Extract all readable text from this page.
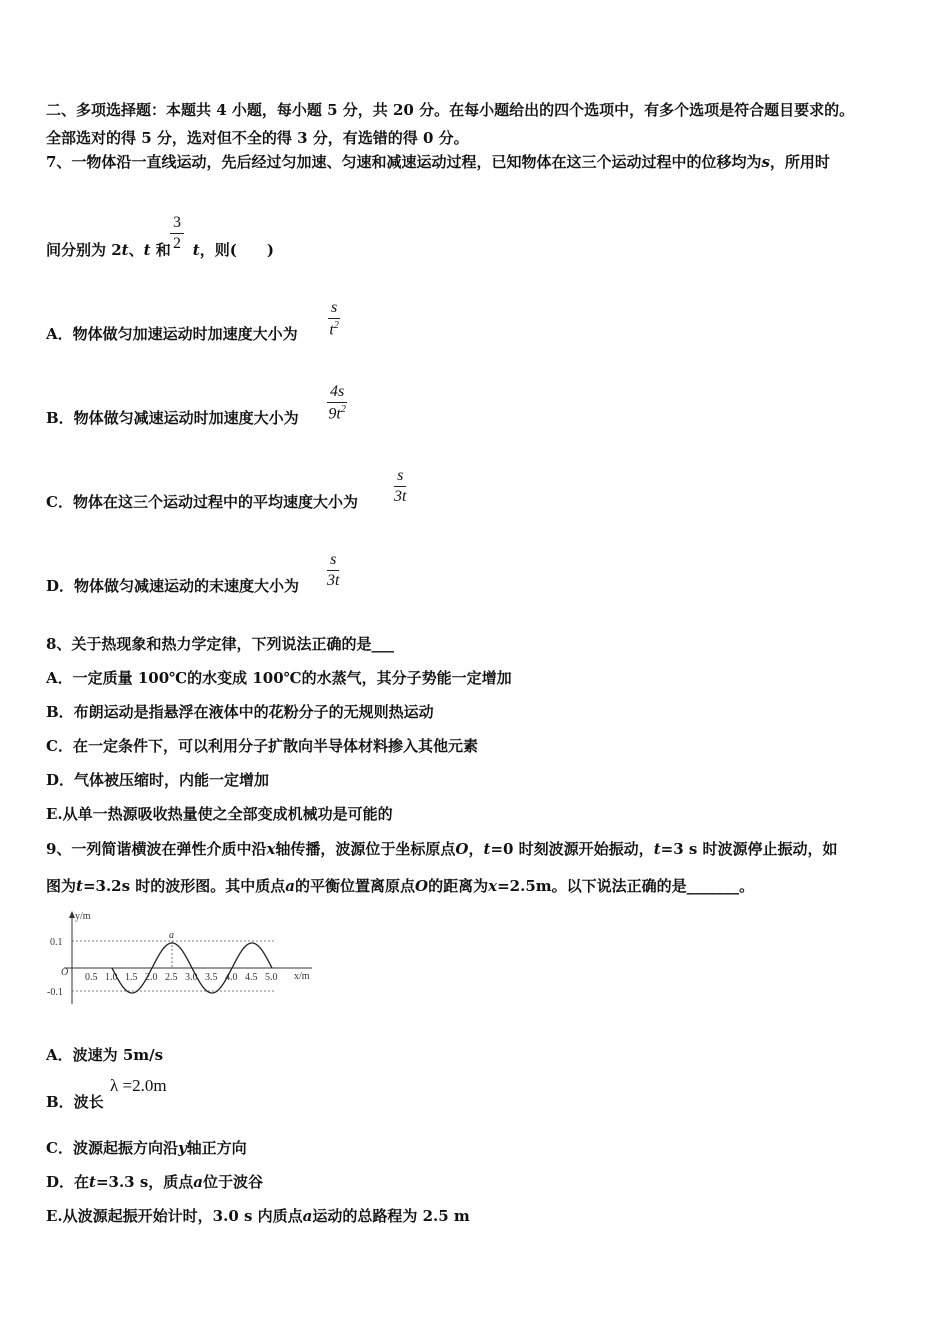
二、多项选择题：本题共 4 小题，每小题 5 分，共 20 分。在每小题给出的四个选项中，有多个选项是符合题目要求的。
全部选对的得 5 分，选对但不全的得 3 分，有选错的得 0 分。
7、一物体沿一直线运动，先后经过匀加速、匀速和减速运动过程，已知物体在这三个运动过程中的位移均为s，所用时
间分别为 2t、t 和 t，则(　　)
$\frac{3}{2}$
A．物体做匀加速运动时加速度大小为 $\frac{s}{t^2}$
B．物体做匀减速运动时加速度大小为 $\frac{4s}{9t^2}$
C．物体在这三个运动过程中的平均速度大小为 $\frac{s}{3t}$
D．物体做匀减速运动的末速度大小为 $\frac{s}{3t}$
8、关于热现象和热力学定律，下列说法正确的是___
A．一定质量 100℃的水变成 100℃的水蒸气，其分子势能一定增加
B．布朗运动是指悬浮在液体中的花粉分子的无规则热运动
C．在一定条件下，可以利用分子扩散向半导体材料掺入其他元素
D．气体被压缩时，内能一定增加
E.从单一热源吸收热量使之全部变成机械功是可能的
9、一列简谐横波在弹性介质中沿x轴传播，波源位于坐标原点O，t=0 时刻波源开始振动，t=3 s 时波源停止振动，如
图为t=3.2s 时的波形图。其中质点a的平衡位置离原点O的距离为x=2.5m。以下说法正确的是_______。
y/m
x/m
O
0.1
-0.1
a
0.5 1.0 1.5 2.0 2.5 3.0 3.5 4.0 4.5 5.0
A．波速为 5m/s
B．波长
λ =2.0m
C．波源起振方向沿y轴正方向
D．在t=3.3 s，质点a位于波谷
E.从波源起振开始计时，3.0 s 内质点a运动的总路程为 2.5 m
